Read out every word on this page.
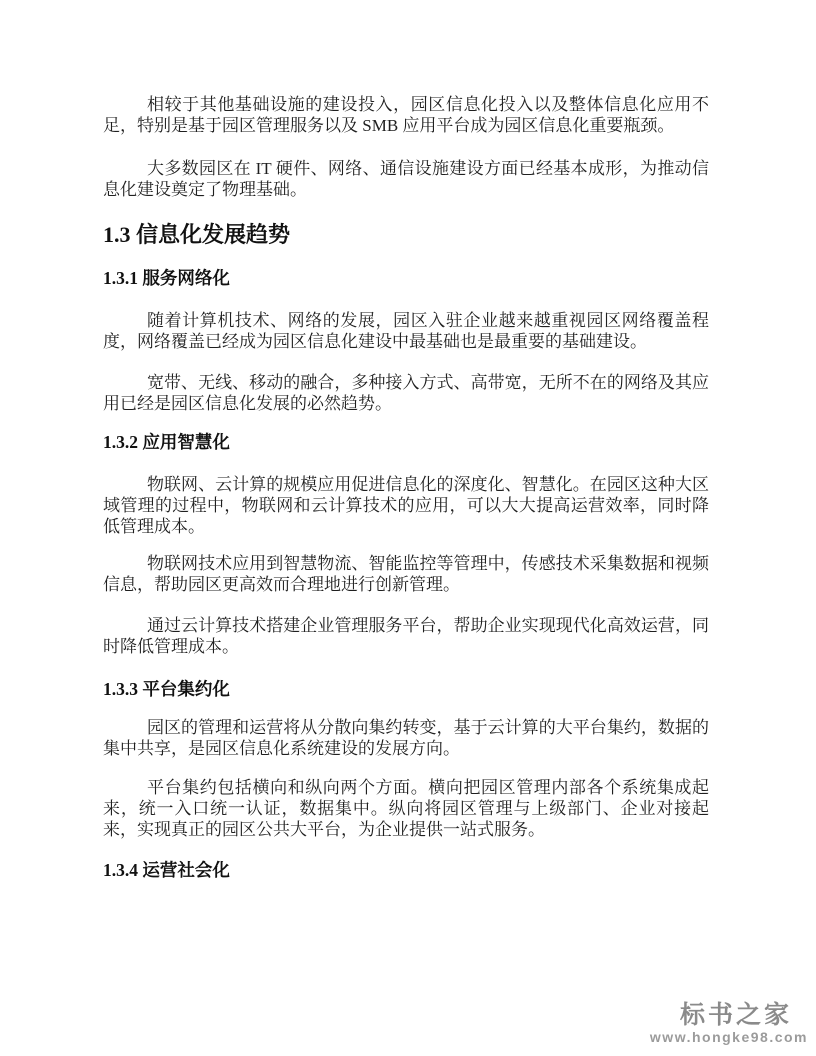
相较于其他基础设施的建设投入，园区信息化投入以及整体信息化应用不足，特别是基于园区管理服务以及 SMB 应用平台成为园区信息化重要瓶颈。

大多数园区在 IT 硬件、网络、通信设施建设方面已经基本成形，为推动信息化建设奠定了物理基础。

1.3 信息化发展趋势
1.3.1 服务网络化

随着计算机技术、网络的发展，园区入驻企业越来越重视园区网络覆盖程度，网络覆盖已经成为园区信息化建设中最基础也是最重要的基础建设。

宽带、无线、移动的融合，多种接入方式、高带宽，无所不在的网络及其应用已经是园区信息化发展的必然趋势。

1.3.2 应用智慧化

物联网、云计算的规模应用促进信息化的深度化、智慧化。在园区这种大区域管理的过程中，物联网和云计算技术的应用，可以大大提高运营效率，同时降低管理成本。

物联网技术应用到智慧物流、智能监控等管理中，传感技术采集数据和视频信息，帮助园区更高效而合理地进行创新管理。

通过云计算技术搭建企业管理服务平台，帮助企业实现现代化高效运营，同时降低管理成本。

1.3.3 平台集约化

园区的管理和运营将从分散向集约转变，基于云计算的大平台集约，数据的集中共享，是园区信息化系统建设的发展方向。

平台集约包括横向和纵向两个方面。横向把园区管理内部各个系统集成起来，统一入口统一认证，数据集中。纵向将园区管理与上级部门、企业对接起来，实现真正的园区公共大平台，为企业提供一站式服务。

1.3.4 运营社会化
标书之家
www.hongke98.com
